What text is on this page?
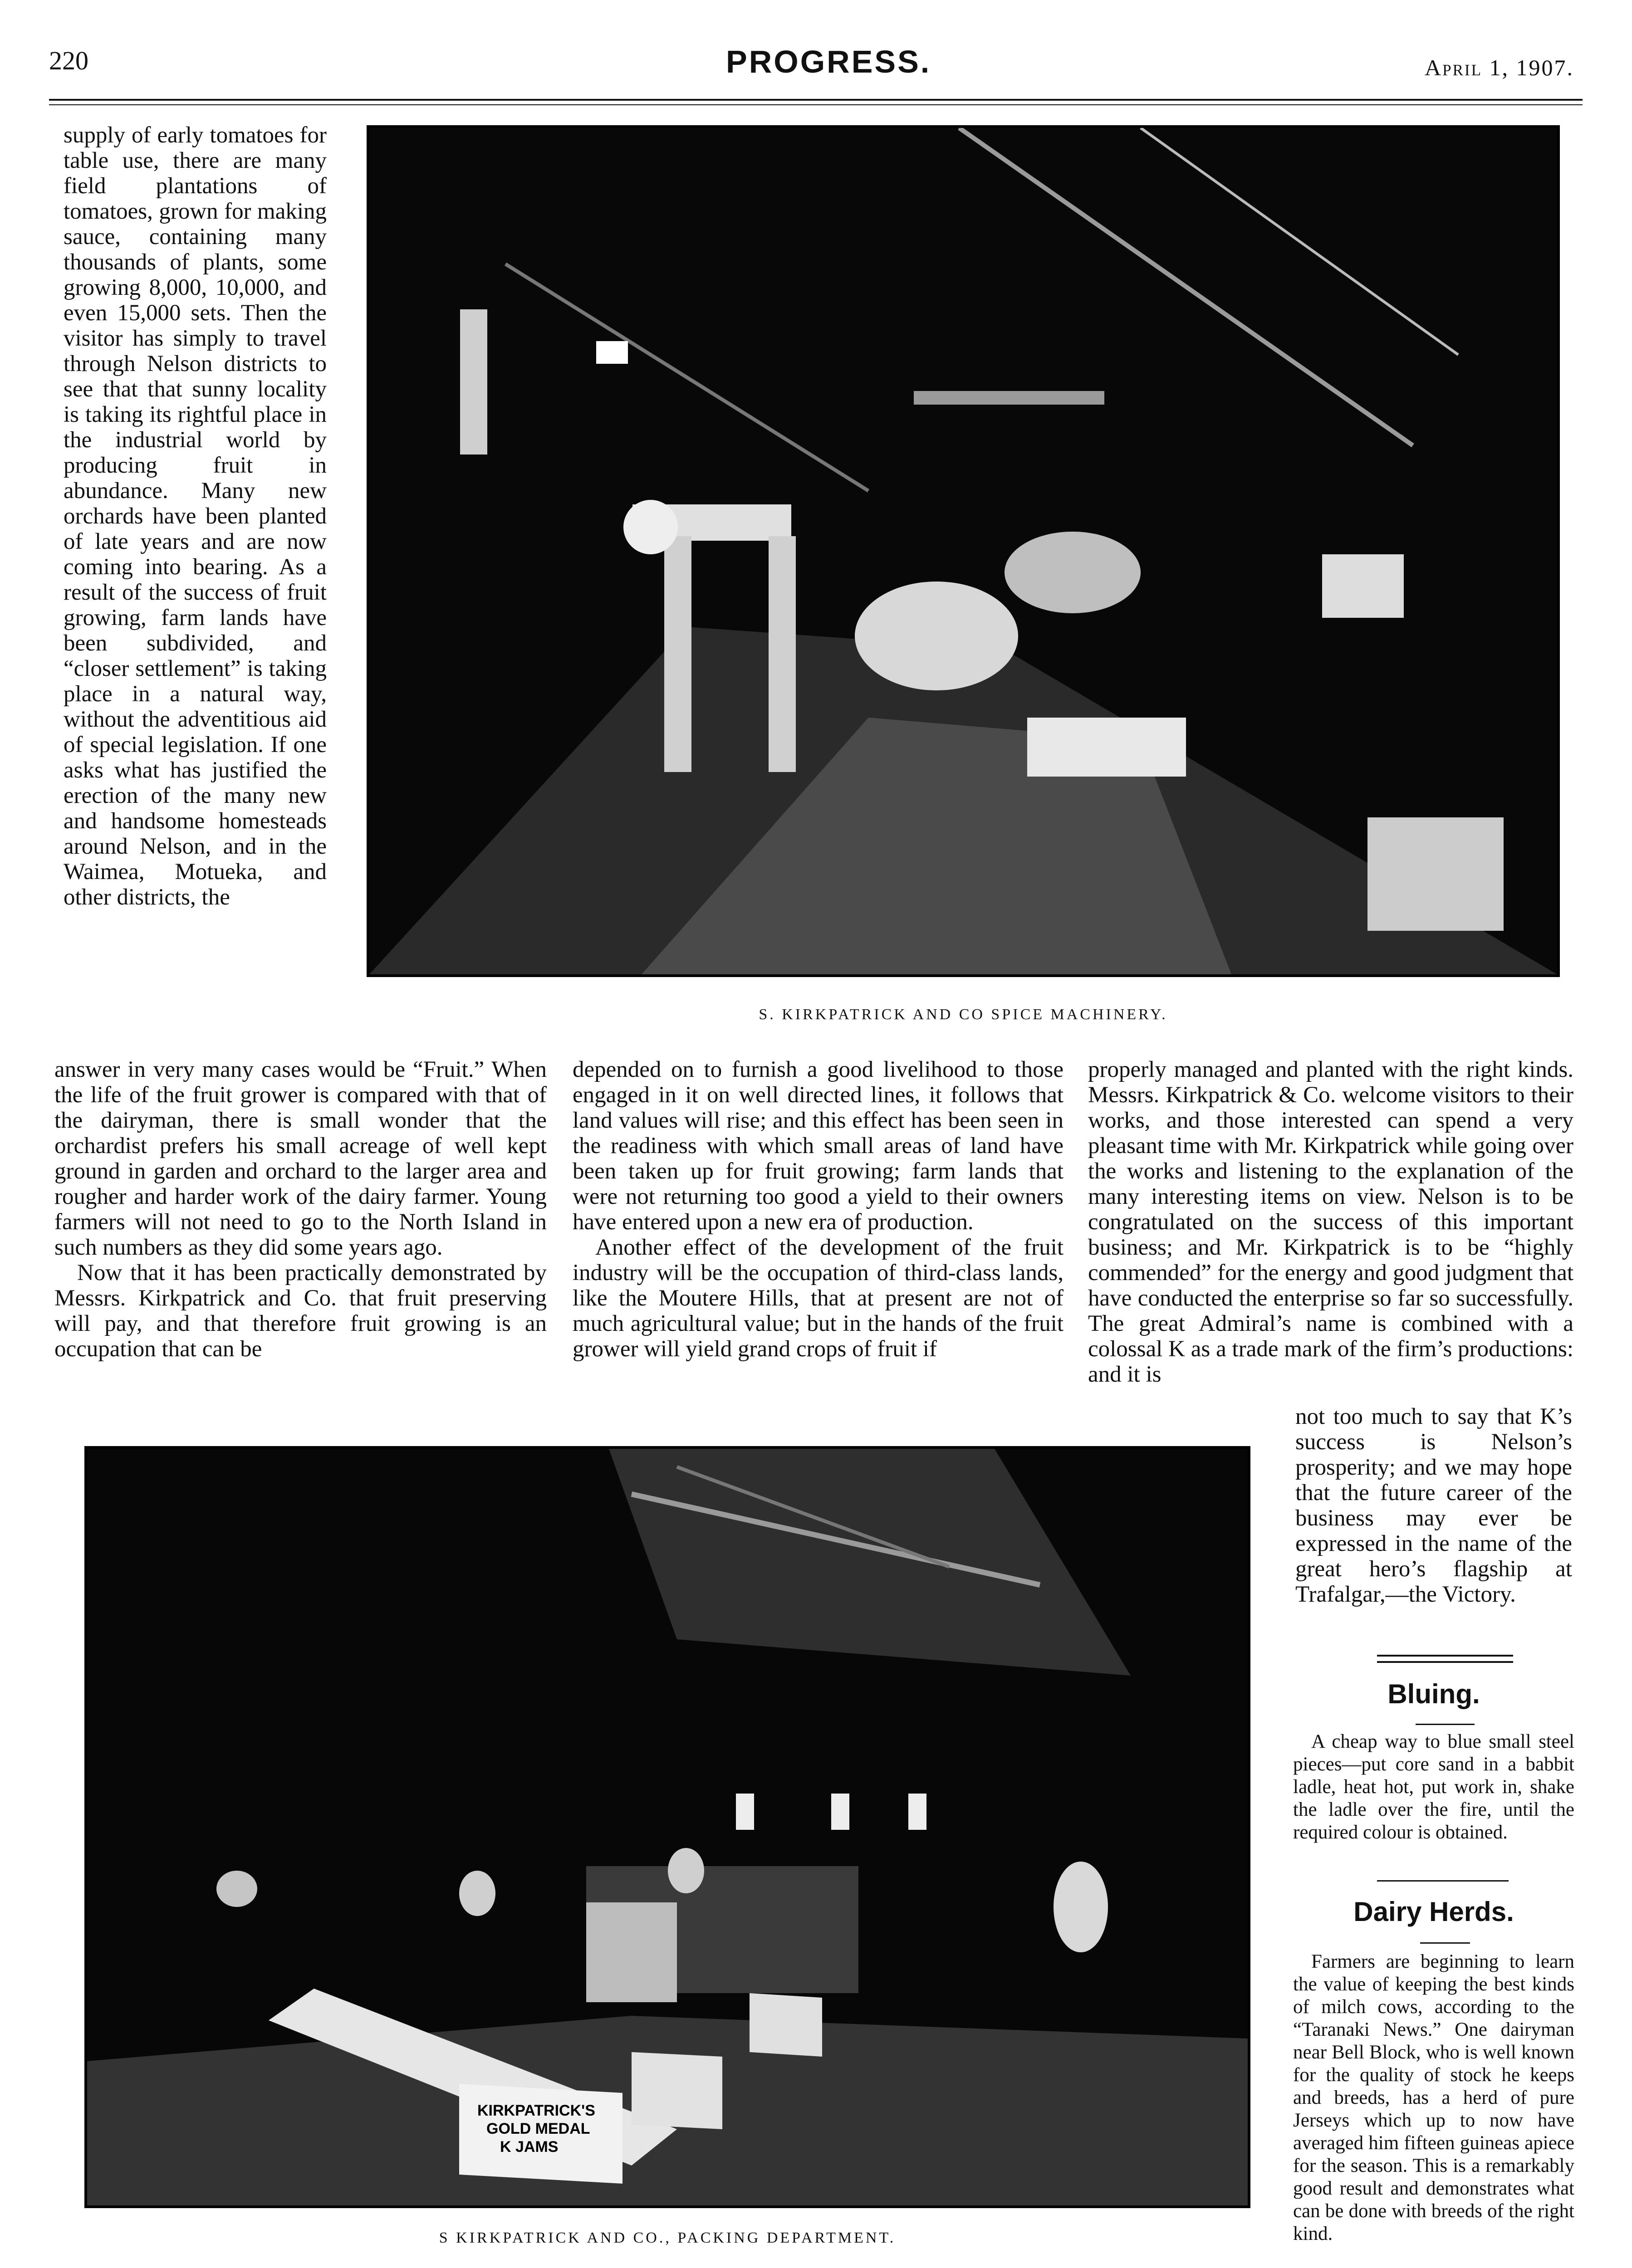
220	PROGRESS.	April 1, 1907.

supply of early tomatoes for table use, there are many field plantations of tomatoes, grown for making sauce, containing many thousands of plants, some growing 8,000, 10,000, and even 15,000 sets. Then the visitor has simply to travel through Nelson districts to see that that sunny locality is taking its rightful place in the industrial world by producing fruit in abundance. Many new orchards have been planted of late years and are now coming into bearing. As a result of the success of fruit growing, farm lands have been subdivided, and “closer settlement” is taking place in a natural way, without the adventitious aid of special legislation. If one asks what has justified the erection of the many new and handsome homesteads around Nelson, and in the Waimea, Motueka, and other districts, the

S. KIRKPATRICK AND CO SPICE MACHINERY.

answer in very many cases would be “Fruit.” When the life of the fruit grower is compared with that of the dairyman, there is small wonder that the orchardist prefers his small acreage of well kept ground in garden and orchard to the larger area and rougher and harder work of the dairy farmer. Young farmers will not need to go to the North Island in such numbers as they did some years ago.

Now that it has been practically demonstrated by Messrs. Kirkpatrick and Co. that fruit preserving will pay, and that therefore fruit growing is an occupation that can be

depended on to furnish a good livelihood to those engaged in it on well directed lines, it follows that land values will rise; and this effect has been seen in the readiness with which small areas of land have been taken up for fruit growing; farm lands that were not returning too good a yield to their owners have entered upon a new era of production.

Another effect of the development of the fruit industry will be the occupation of third-class lands, like the Moutere Hills, that at present are not of much agricultural value; but in the hands of the fruit grower will yield grand crops of fruit if

properly managed and planted with the right kinds. Messrs. Kirkpatrick & Co. welcome visitors to their works, and those interested can spend a very pleasant time with Mr. Kirkpatrick while going over the works and listening to the explanation of the many interesting items on view. Nelson is to be congratulated on the success of this important business; and Mr. Kirkpatrick is to be “highly commended” for the energy and good judgment that have conducted the enterprise so far so successfully. The great Admiral’s name is combined with a colossal K as a trade mark of the firm’s productions: and it is

not too much to say that K’s success is Nelson’s prosperity; and we may hope that the future career of the business may ever be expressed in the name of the great hero’s flagship at Trafalgar,—the Victory.

KIRKPATRICK'S
GOLD MEDAL
K JAMS
S KIRKPATRICK AND CO., PACKING DEPARTMENT.
Bluing.

A cheap way to blue small steel pieces—put core sand in a babbit ladle, heat hot, put work in, shake the ladle over the fire, until the required colour is obtained.

Dairy Herds.

Farmers are beginning to learn the value of keeping the best kinds of milch cows, according to the “Taranaki News.” One dairyman near Bell Block, who is well known for the quality of stock he keeps and breeds, has a herd of pure Jerseys which up to now have averaged him fifteen guineas apiece for the season. This is a remarkably good result and demonstrates what can be done with breeds of the right kind.
